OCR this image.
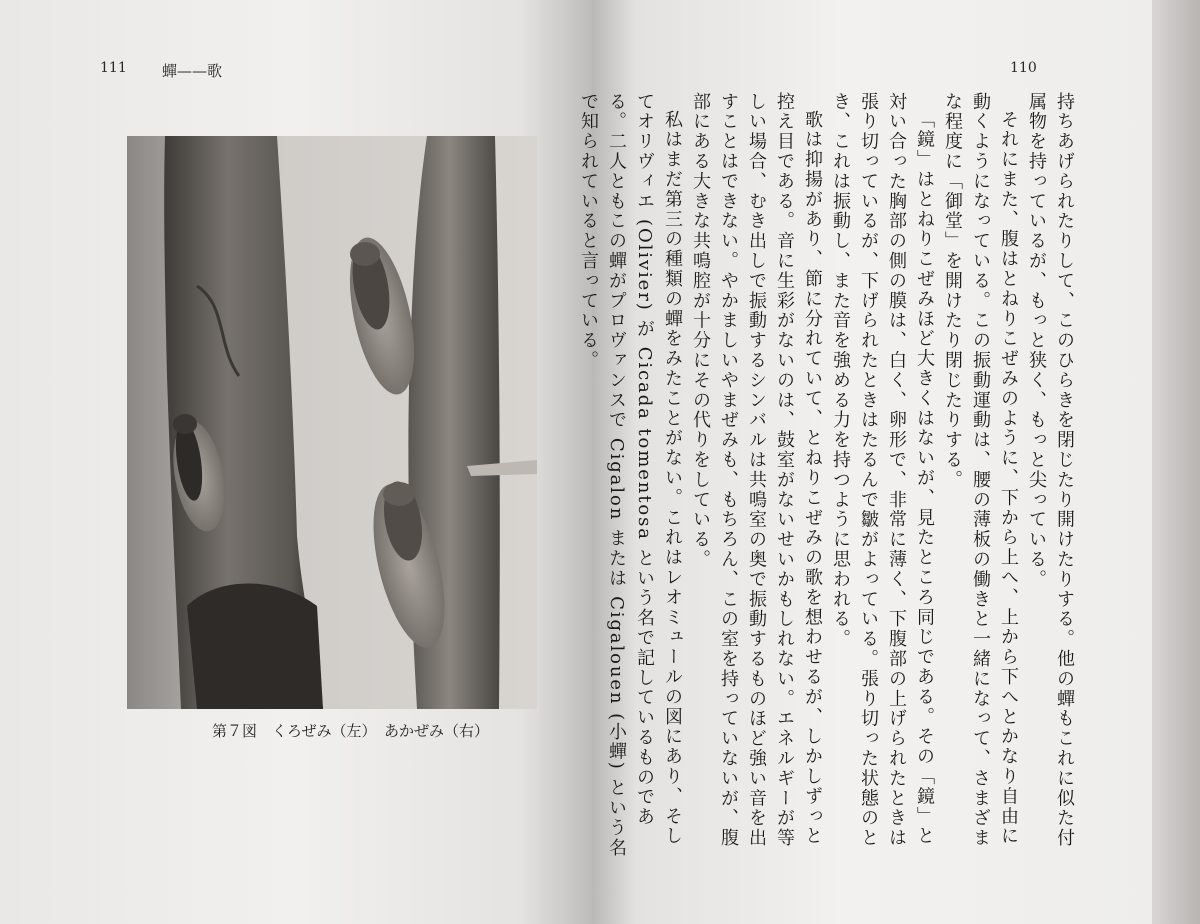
111 蟬——歌
第７図　くろぜみ（左）　あかぜみ（右）
110

持ちあげられたりして、このひらきを閉じたり開けたりする。他の蟬もこれに似た付属物を持っているが、もっと狭く、もっと尖っている。

それにまた、腹はとねりこぜみのように、下から上へ、上から下へとかなり自由に動くようになっている。この振動運動は、腰の薄板の働きと一緒になって、さまざまな程度に「御堂」を開けたり閉じたりする。

「鏡」はとねりこぜみほど大きくはないが、見たところ同じである。その「鏡」と対い合った胸部の側の膜は、白く、卵形で、非常に薄く、下腹部の上げられたときは張り切っているが、下げられたときはたるんで皺がよっている。張り切った状態のとき、これは振動し、また音を強める力を持つように思われる。

歌は抑揚があり、節に分れていて、とねりこぜみの歌を想わせるが、しかしずっと控え目である。音に生彩がないのは、鼓室がないせいかもしれない。エネルギーが等しい場合、むき出しで振動するシンバルは共鳴室の奥で振動するものほど強い音を出すことはできない。やかましいやまぜみも、もちろん、この室を持っていないが、腹部にある大きな共鳴腔が十分にその代りをしている。

私はまだ第三の種類の蟬をみたことがない。これはレオミュールの図にあり、そしてオリヴィエ (Olivier) が Cicada tomentosa という名で記しているものである。二人ともこの蟬がプロヴァンスで Cigalon または Cigalouen (小蟬) という名で知られていると言っている。
